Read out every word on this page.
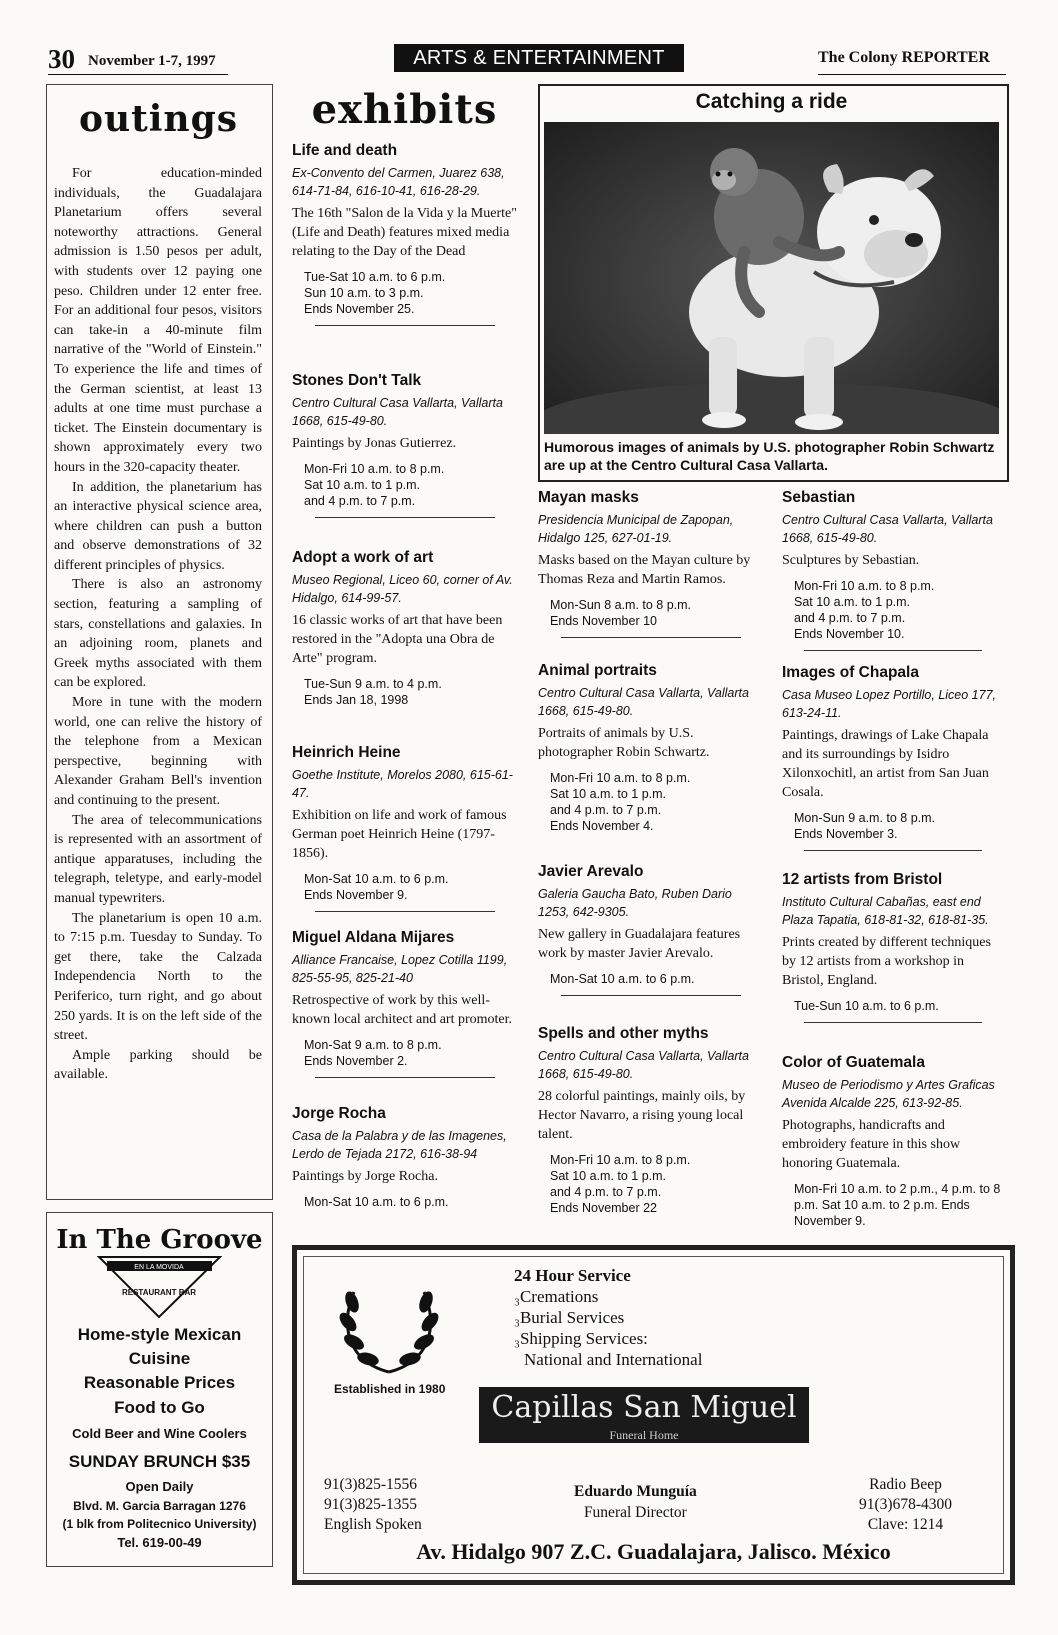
30 November 1-7, 1997	ARTS & ENTERTAINMENT	The Colony REPORTER
outings

For education-minded individuals, the Guadalajara Planetarium offers several noteworthy attractions. General admission is 1.50 pesos per adult, with students over 12 paying one peso. Children under 12 enter free. For an additional four pesos, visitors can take-in a 40-minute film narrative of the "World of Einstein." To experience the life and times of the German scientist, at least 13 adults at one time must purchase a ticket. The Einstein documentary is shown approximately every two hours in the 320-capacity theater.

In addition, the planetarium has an interactive physical science area, where children can push a button and observe demonstrations of 32 different principles of physics.

There is also an astronomy section, featuring a sampling of stars, constellations and galaxies. In an adjoining room, planets and Greek myths associated with them can be explored.

More in tune with the modern world, one can relive the history of the telephone from a Mexican perspective, beginning with Alexander Graham Bell's invention and continuing to the present.

The area of telecommunications is represented with an assortment of antique apparatuses, including the telegraph, teletype, and early-model manual typewriters.

The planetarium is open 10 a.m. to 7:15 p.m. Tuesday to Sunday. To get there, take the Calzada Independencia North to the Periferico, turn right, and go about 250 yards. It is on the left side of the street.

Ample parking should be available.

In The Groove
EN LA MOVIDA
RESTAURANT BAR
Home-style Mexican
Cuisine
Reasonable Prices
Food to Go
Cold Beer and Wine Coolers
SUNDAY BRUNCH $35
Open Daily
Blvd. M. Garcia Barragan 1276
(1 blk from Politecnico University)
Tel. 619-00-49
exhibits
Life and death
Ex-Convento del Carmen, Juarez 638, 614-71-84, 616-10-41, 616-28-29.
The 16th "Salon de la Vida y la Muerte" (Life and Death) features mixed media relating to the Day of the Dead
Tue-Sat 10 a.m. to 6 p.m.
Sun 10 a.m. to 3 p.m.
Ends November 25.
Stones Don't Talk
Centro Cultural Casa Vallarta, Vallarta 1668, 615-49-80.
Paintings by Jonas Gutierrez.
Mon-Fri 10 a.m. to 8 p.m.
Sat 10 a.m. to 1 p.m.
and 4 p.m. to 7 p.m.
Adopt a work of art
Museo Regional, Liceo 60, corner of Av. Hidalgo, 614-99-57.
16 classic works of art that have been restored in the "Adopta una Obra de Arte" program.
Tue-Sun 9 a.m. to 4 p.m.
Ends Jan 18, 1998
Heinrich Heine
Goethe Institute, Morelos 2080, 615-61-47.
Exhibition on life and work of famous German poet Heinrich Heine (1797-1856).
Mon-Sat 10 a.m. to 6 p.m.
Ends November 9.
Miguel Aldana Mijares
Alliance Francaise, Lopez Cotilla 1199, 825-55-95, 825-21-40
Retrospective of work by this well-known local architect and art promoter.
Mon-Sat 9 a.m. to 8 p.m.
Ends November 2.
Jorge Rocha
Casa de la Palabra y de las Imagenes, Lerdo de Tejada 2172, 616-38-94
Paintings by Jorge Rocha.
Mon-Sat 10 a.m. to 6 p.m.
Catching a ride
Humorous images of animals by U.S. photographer Robin Schwartz are up at the Centro Cultural Casa Vallarta.
Mayan masks
Presidencia Municipal de Zapopan, Hidalgo 125, 627-01-19.
Masks based on the Mayan culture by Thomas Reza and Martin Ramos.
Mon-Sun 8 a.m. to 8 p.m.
Ends November 10
Animal portraits
Centro Cultural Casa Vallarta, Vallarta 1668, 615-49-80.
Portraits of animals by U.S. photographer Robin Schwartz.
Mon-Fri 10 a.m. to 8 p.m.
Sat 10 a.m. to 1 p.m.
and 4 p.m. to 7 p.m.
Ends November 4.
Javier Arevalo
Galeria Gaucha Bato, Ruben Dario 1253, 642-9305.
New gallery in Guadalajara features work by master Javier Arevalo.
Mon-Sat 10 a.m. to 6 p.m.
Spells and other myths
Centro Cultural Casa Vallarta, Vallarta 1668, 615-49-80.
28 colorful paintings, mainly oils, by Hector Navarro, a rising young local talent.
Mon-Fri 10 a.m. to 8 p.m.
Sat 10 a.m. to 1 p.m.
and 4 p.m. to 7 p.m.
Ends November 22
Sebastian
Centro Cultural Casa Vallarta, Vallarta 1668, 615-49-80.
Sculptures by Sebastian.
Mon-Fri 10 a.m. to 8 p.m.
Sat 10 a.m. to 1 p.m.
and 4 p.m. to 7 p.m.
Ends November 10.
Images of Chapala
Casa Museo Lopez Portillo, Liceo 177, 613-24-11.
Paintings, drawings of Lake Chapala and its surroundings by Isidro Xilonxochitl, an artist from San Juan Cosala.
Mon-Sun 9 a.m. to 8 p.m.
Ends November 3.
12 artists from Bristol
Instituto Cultural Cabañas, east end Plaza Tapatia, 618-81-32, 618-81-35.
Prints created by different techniques by 12 artists from a workshop in Bristol, England.
Tue-Sun 10 a.m. to 6 p.m.
Color of Guatemala
Museo de Periodismo y Artes Graficas Avenida Alcalde 225, 613-92-85.
Photographs, handicrafts and embroidery feature in this show honoring Guatemala.
Mon-Fri 10 a.m. to 2 p.m., 4 p.m. to 8 p.m. Sat 10 a.m. to 2 p.m. Ends November 9.
Established in 1980
24 Hour Service
₃Cremations
₃Burial Services
₃Shipping Services:
National and International
Capillas San Miguel
Funeral Home
91(3)825-1556
91(3)825-1355
English Spoken
Eduardo Munguía
Funeral Director
Radio Beep
91(3)678-4300
Clave: 1214
Av. Hidalgo 907 Z.C. Guadalajara, Jalisco. México
